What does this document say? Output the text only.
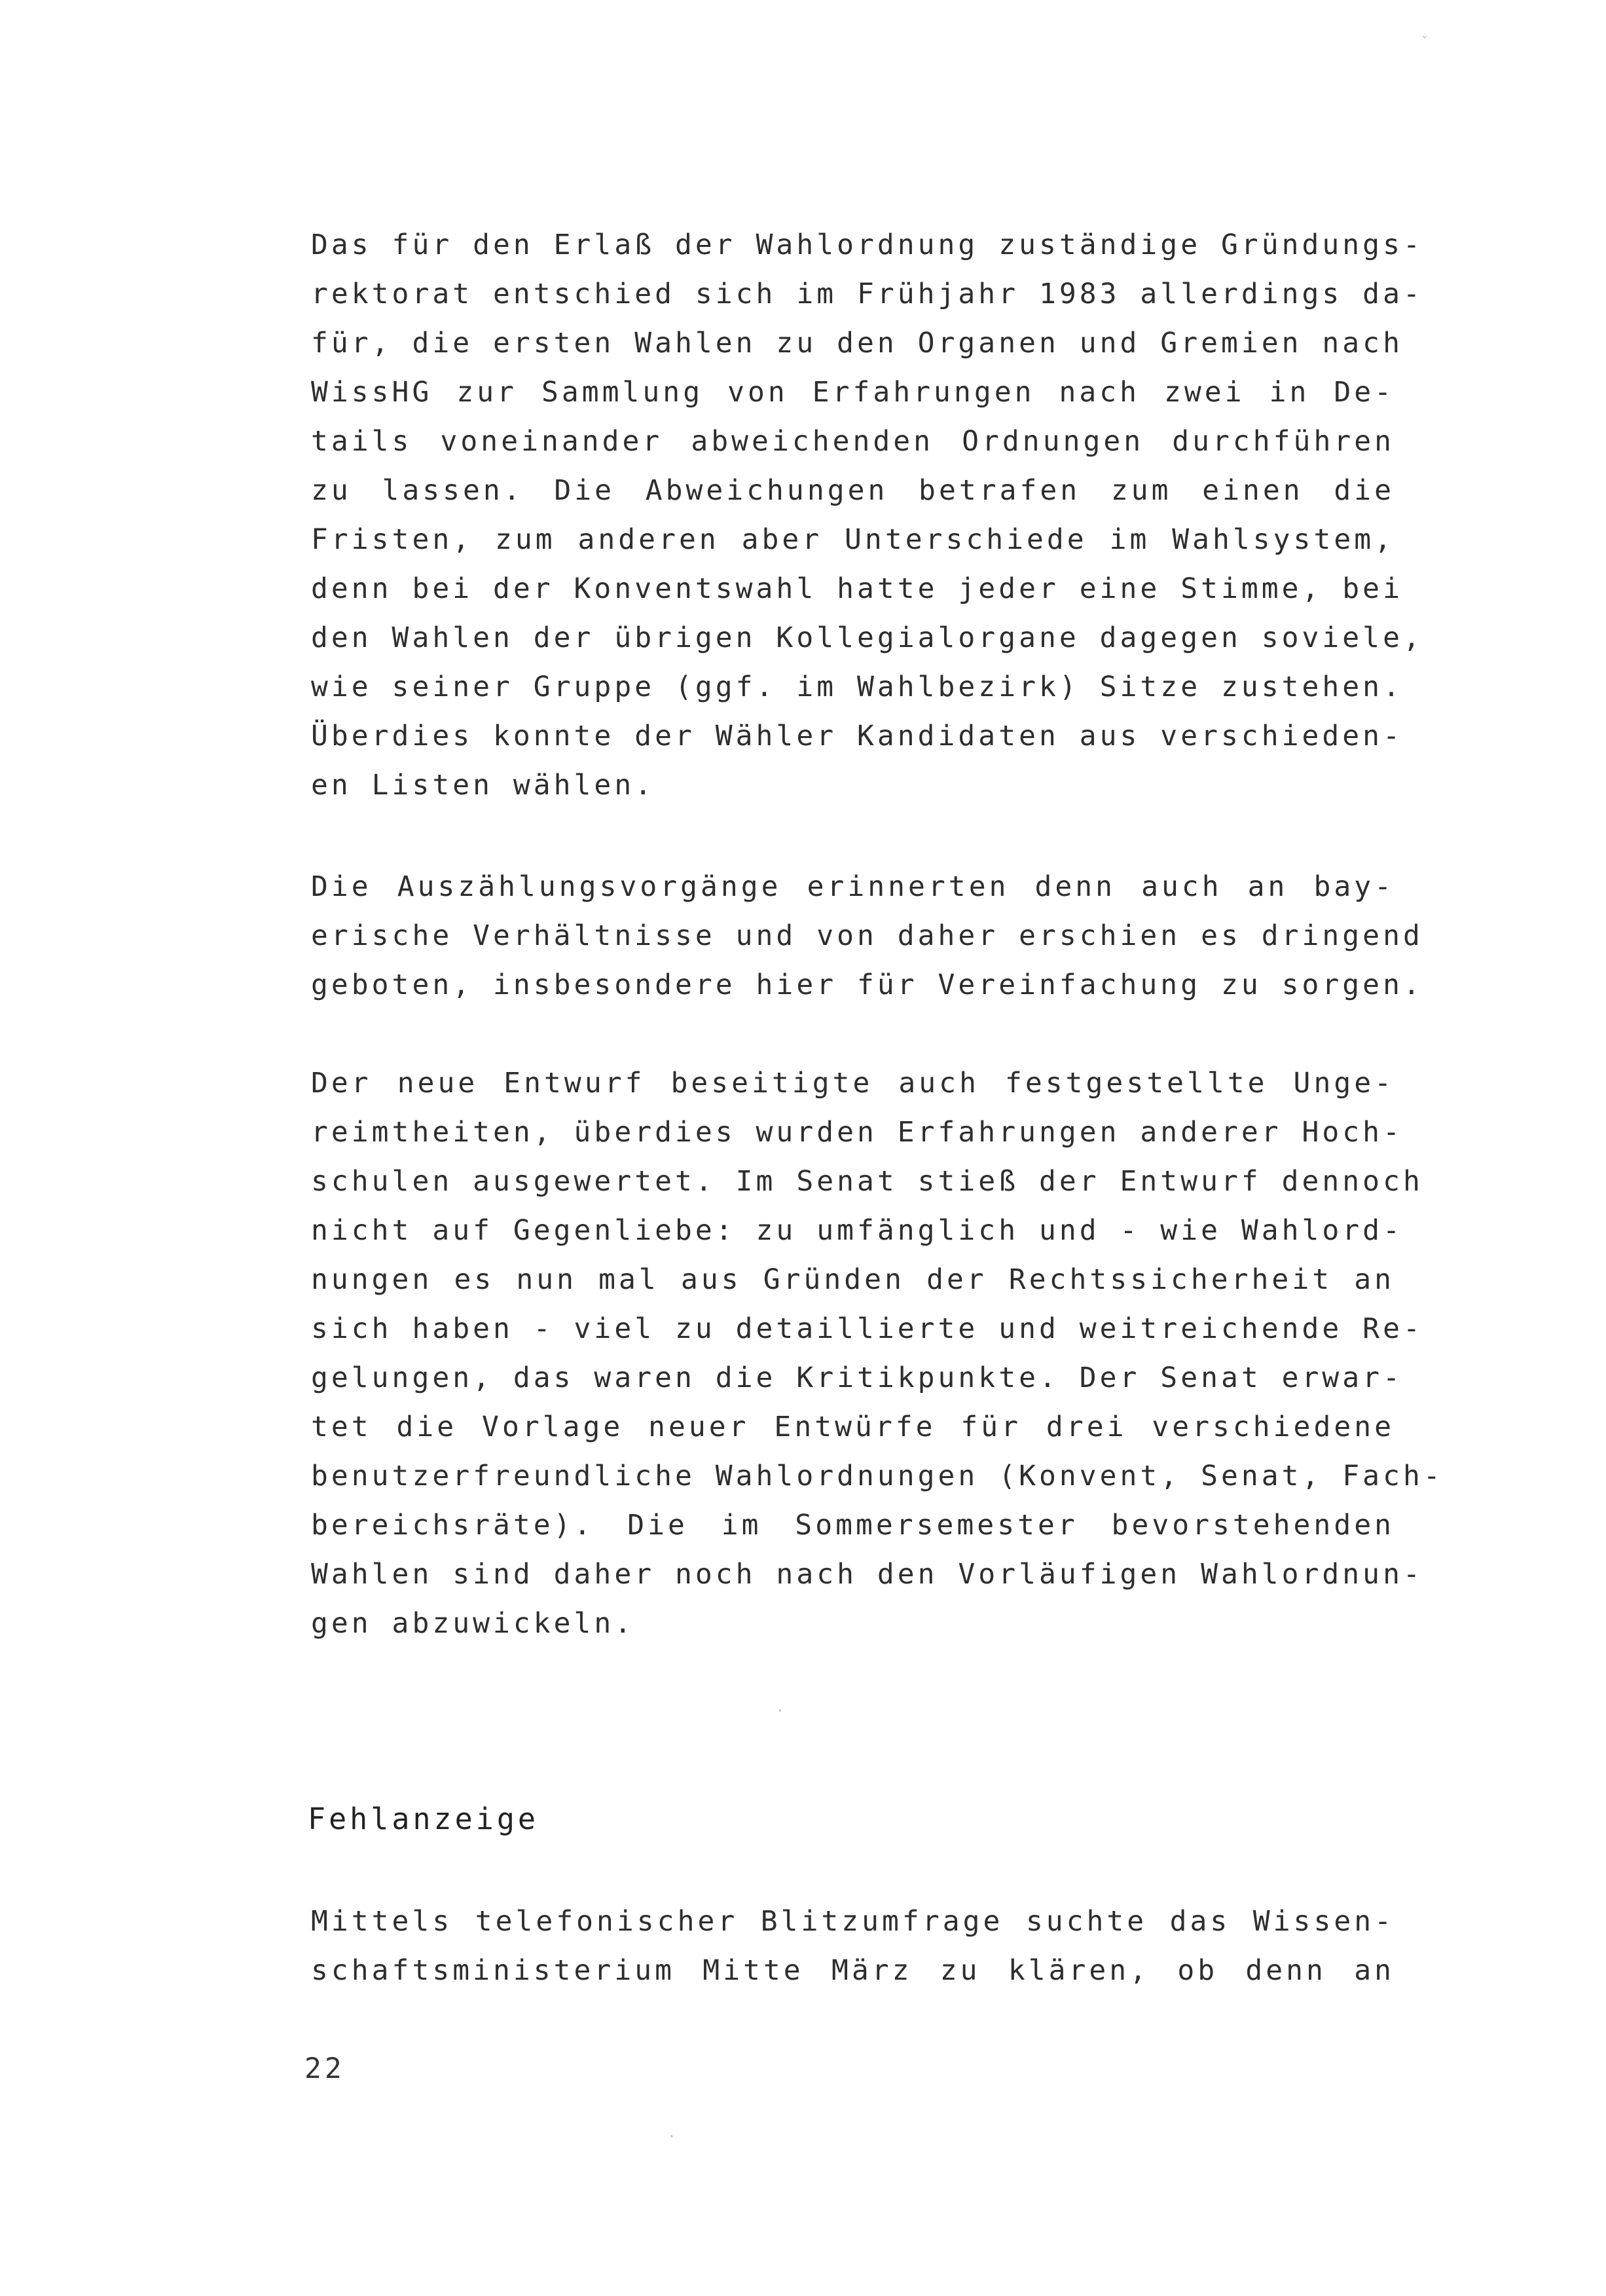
ˇ
·
·
Das für den Erlaß der Wahlordnung zuständige Gründungs-
rektorat entschied sich im Frühjahr 1983 allerdings da-
für, die ersten Wahlen zu den Organen und Gremien nach
WissHG zur Sammlung von Erfahrungen nach zwei in De-
tails voneinander abweichenden Ordnungen durchführen
zu lassen. Die Abweichungen betrafen zum einen die
Fristen, zum anderen aber Unterschiede im Wahlsystem,
denn bei der Konventswahl hatte jeder eine Stimme, bei
den Wahlen der übrigen Kollegialorgane dagegen soviele,
wie seiner Gruppe (ggf. im Wahlbezirk) Sitze zustehen.
Überdies konnte der Wähler Kandidaten aus verschieden-
en Listen wählen.
Die Auszählungsvorgänge erinnerten denn auch an bay-
erische Verhältnisse und von daher erschien es dringend
geboten, insbesondere hier für Vereinfachung zu sorgen.
Der neue Entwurf beseitigte auch festgestellte Unge-
reimtheiten, überdies wurden Erfahrungen anderer Hoch-
schulen ausgewertet. Im Senat stieß der Entwurf dennoch
nicht auf Gegenliebe: zu umfänglich und - wie Wahlord-
nungen es nun mal aus Gründen der Rechtssicherheit an
sich haben - viel zu detaillierte und weitreichende Re-
gelungen, das waren die Kritikpunkte. Der Senat erwar-
tet die Vorlage neuer Entwürfe für drei verschiedene
benutzerfreundliche Wahlordnungen (Konvent, Senat, Fach-
bereichsräte). Die im Sommersemester bevorstehenden
Wahlen sind daher noch nach den Vorläufigen Wahlordnun-
gen abzuwickeln.
Fehlanzeige
Mittels telefonischer Blitzumfrage suchte das Wissen-
schaftsministerium Mitte März zu klären, ob denn an
22
